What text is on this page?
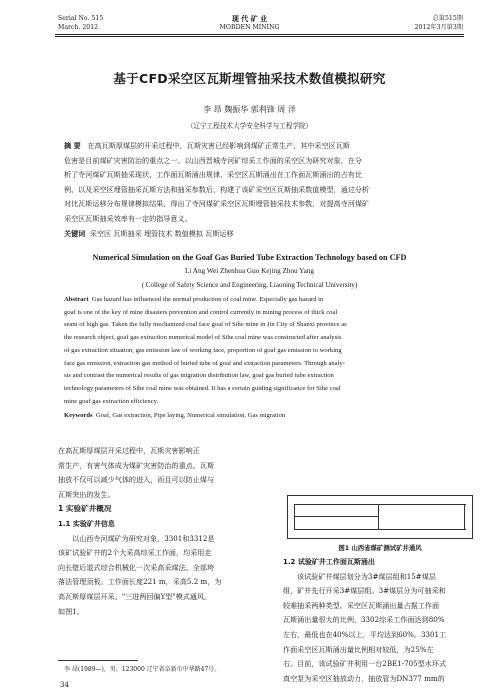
Serial No. 515
March. 2012
现 代 矿 业
MORDEN MINING
总第515期
2012年3月第3期
基于CFD采空区瓦斯埋管抽采技术数值模拟研究
李 昂 魏振华 郭利锋 周 洋
（辽宁工程技术大学安全科学与工程学院）
摘 要 在高瓦斯厚煤层的开采过程中，瓦斯灾害已经影响到煤矿正常生产，其中采空区瓦斯
危害是目前煤矿灾害防治的重点之一。以山西晋城寺河矿综采工作面的采空区为研究对象，在分
析了寺河煤矿瓦斯抽采现状、工作面瓦斯涌出规律、采空区瓦斯涌出在工作面瓦斯涌出的占有比
例、以及采空区埋管抽采瓦斯方法和抽采参数后，构建了该矿采空区瓦斯抽采数值模型，通过分析
对比瓦斯运移分布规律模拟结果，得出了寺河煤矿采空区瓦斯埋管抽采技术参数，对提高寺河煤矿
采空区瓦斯抽采效率有一定的指导意义。
关键词 采空区 瓦斯抽采 埋管技术 数值模拟 瓦斯运移
Numerical Simulation on the Goaf Gas Buried Tube Extraction Technology based on CFD
Li Ang Wei Zhenhua Guo Kejing Zhou Yang
( College of Safety Science and Engineering, Liaoning Technical University)
Abstract Gas hazard has influenced the normal production of coal mine. Especially gas hazard in
goaf is one of the key of mine disasters prevention and control currently in mining process of thick coal
seam of high gas. Taken the fully mechanized coal face goaf of Sihe mine in Jin City of Shanxi province as
the research object, goaf gas extraction numerical model of Sihe coal mine was constructed after analysis
of gas extraction situation, gas emission law of working face, proportion of goaf gas emission to working
face gas emission, extraction gas method of buried tube of goaf and extraction parameters. Through analy-
sis and contrast the numerical results of gas migration distribution law, goaf gas buried tube extraction
technology parameters of Sihe coal mine was obtained. It has a certain guiding significance for Sihe coal
mine goaf gas extraction efficiency.
Keywords Goaf, Gas extraction, Pipe laying, Numerical simulation, Gas migration
在高瓦斯厚煤层开采过程中，瓦斯灾害影响正
常生产，有害气体成为煤矿灾害防治的重点。瓦斯
抽放不仅可以减少气体的进入，而且可以防止煤与
瓦斯突出的发生。
1 实验矿井概况
1.1 实验矿井信息
以山西寺河煤矿为研究对象，3301和3312是
该矿试验矿井的2个大采高综采工作面，均采用走
向长壁后退式综合机械化一次采高采煤法、全部垮
落法管理顶板。工作面长度221 m，采高5.2 m，为
高瓦斯厚煤层开采。"三进两回偏Y型"模式通风。
如图1。
李 昂(1989—)，男，123000 辽宁省阜新市中华路47号。
34
图1 山西省煤矿测试矿井通风
1.2 试验矿井工作面瓦斯涌出
该试验矿井煤层划分为3#煤层组和15#煤层
组，矿井先行开采3#煤层组。3#煤层分为可抽采和
较难抽采两种类型。采空区瓦斯涌出量占据工作面
瓦斯涌出量很大的比例，3302综采工作面达到80%
左右，最低也在40%以上，平均达到60%。3301工
作面采空区瓦斯涌出量比例相对较低，为25%左
右。目前，该试验矿井利用一台2BE1-705型水环式
真空泵为采空区抽放动力，抽放管为DN377 mm的
